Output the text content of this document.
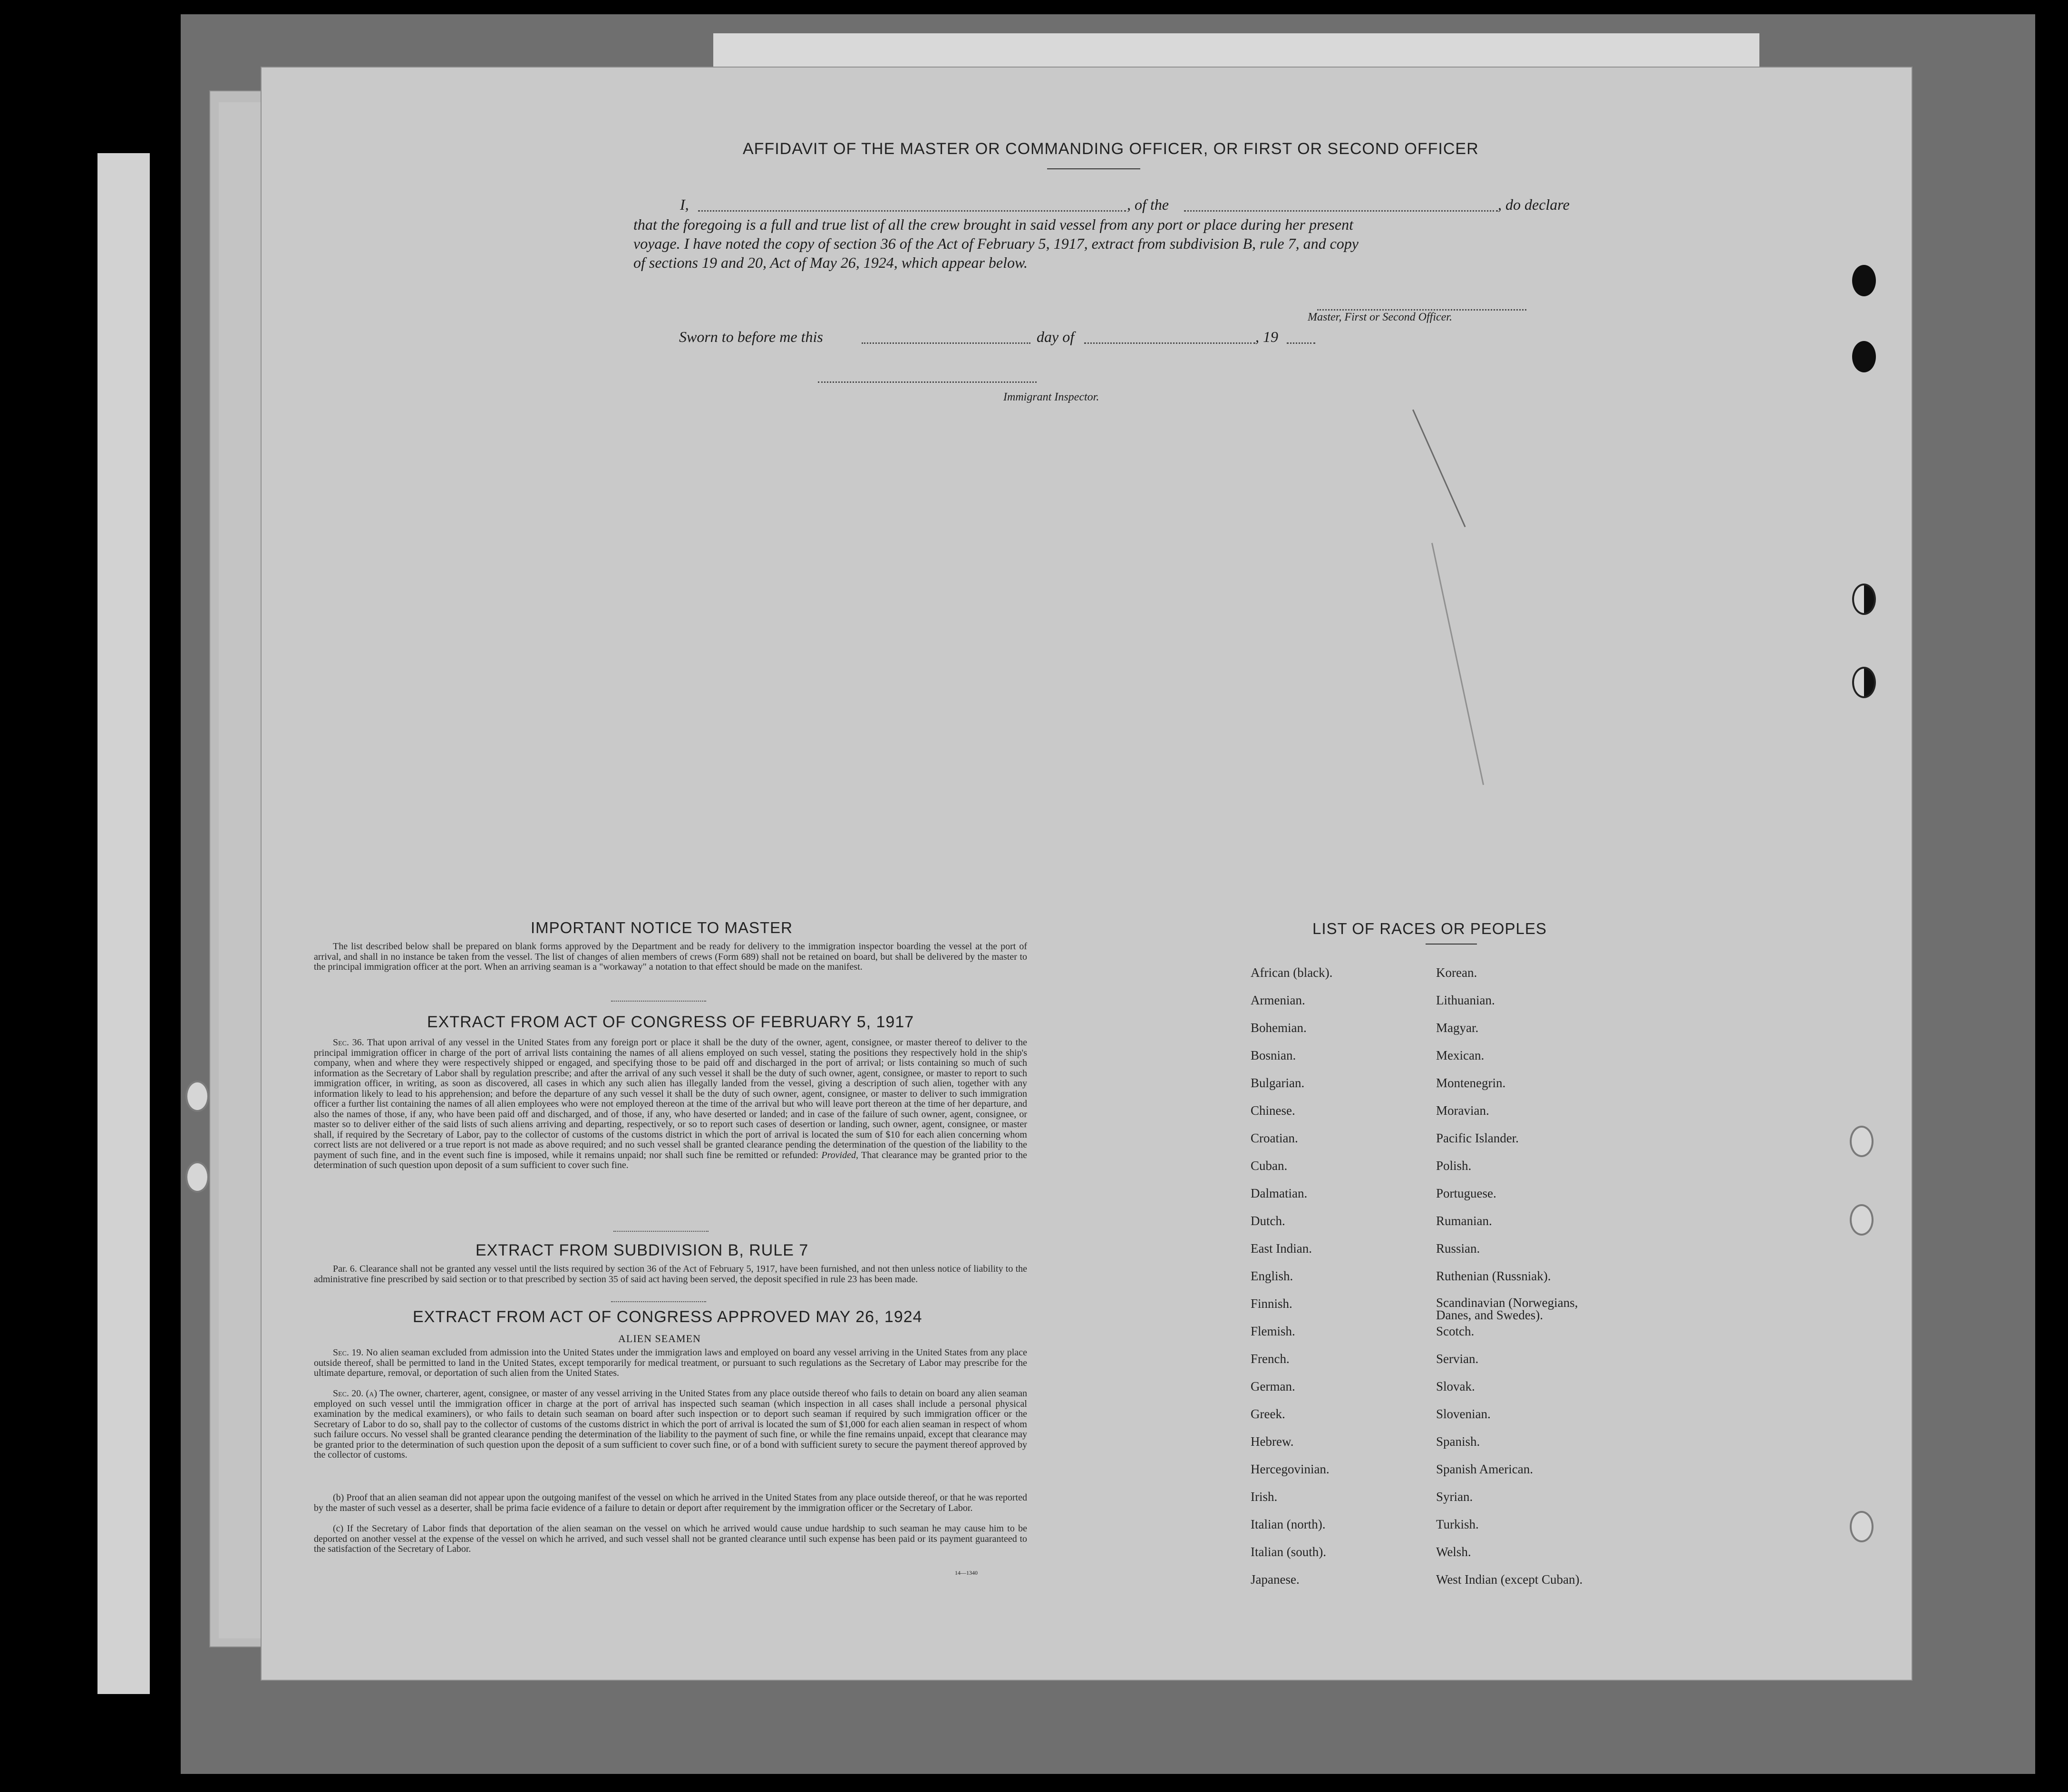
AFFIDAVIT OF THE MASTER OR COMMANDING OFFICER, OR FIRST OR SECOND OFFICER
I,	, of the	, do declare
that the foregoing is a full and true list of all the crew brought in said vessel from any port or place during her present
voyage. I have noted the copy of section 36 of the Act of February 5, 1917, extract from subdivision B, rule 7, and copy
of sections 19 and 20, Act of May 26, 1924, which appear below.
Master, First or Second Officer.
Sworn to before me this	day of	, 19
Immigrant Inspector.
IMPORTANT NOTICE TO MASTER
The list described below shall be prepared on blank forms approved by the Department and be ready for delivery to the immigration inspector boarding the vessel at the port of arrival, and shall in no instance be taken from the vessel. The list of changes of alien members of crews (Form 689) shall not be retained on board, but shall be delivered by the master to the principal immigration officer at the port. When an arriving seaman is a "workaway" a notation to that effect should be made on the manifest.
EXTRACT FROM ACT OF CONGRESS OF FEBRUARY 5, 1917
Sec. 36. That upon arrival of any vessel in the United States from any foreign port or place it shall be the duty of the owner, agent, consignee, or master thereof to deliver to the principal immigration officer in charge of the port of arrival lists containing the names of all aliens employed on such vessel, stating the positions they respectively hold in the ship's company, when and where they were respectively shipped or engaged, and specifying those to be paid off and discharged in the port of arrival; or lists containing so much of such information as the Secretary of Labor shall by regulation prescribe; and after the arrival of any such vessel it shall be the duty of such owner, agent, consignee, or master to report to such immigration officer, in writing, as soon as discovered, all cases in which any such alien has illegally landed from the vessel, giving a description of such alien, together with any information likely to lead to his apprehension; and before the departure of any such vessel it shall be the duty of such owner, agent, consignee, or master to deliver to such immigration officer a further list containing the names of all alien employees who were not employed thereon at the time of the arrival but who will leave port thereon at the time of her departure, and also the names of those, if any, who have been paid off and discharged, and of those, if any, who have deserted or landed; and in case of the failure of such owner, agent, consignee, or master so to deliver either of the said lists of such aliens arriving and departing, respectively, or so to report such cases of desertion or landing, such owner, agent, consignee, or master shall, if required by the Secretary of Labor, pay to the collector of customs of the customs district in which the port of arrival is located the sum of $10 for each alien concerning whom correct lists are not delivered or a true report is not made as above required; and no such vessel shall be granted clearance pending the determination of the question of the liability to the payment of such fine, and in the event such fine is imposed, while it remains unpaid; nor shall such fine be remitted or refunded: Provided, That clearance may be granted prior to the determination of such question upon deposit of a sum sufficient to cover such fine.
EXTRACT FROM SUBDIVISION B, RULE 7
Par. 6. Clearance shall not be granted any vessel until the lists required by section 36 of the Act of February 5, 1917, have been furnished, and not then unless notice of liability to the administrative fine prescribed by said section or to that prescribed by section 35 of said act having been served, the deposit specified in rule 23 has been made.
EXTRACT FROM ACT OF CONGRESS APPROVED MAY 26, 1924
ALIEN SEAMEN
Sec. 19. No alien seaman excluded from admission into the United States under the immigration laws and employed on board any vessel arriving in the United States from any place outside thereof, shall be permitted to land in the United States, except temporarily for medical treatment, or pursuant to such regulations as the Secretary of Labor may prescribe for the ultimate departure, removal, or deportation of such alien from the United States.
Sec. 20. (a) The owner, charterer, agent, consignee, or master of any vessel arriving in the United States from any place outside thereof who fails to detain on board any alien seaman employed on such vessel until the immigration officer in charge at the port of arrival has inspected such seaman (which inspection in all cases shall include a personal physical examination by the medical examiners), or who fails to detain such seaman on board after such inspection or to deport such seaman if required by such immigration officer or the Secretary of Labor to do so, shall pay to the collector of customs of the customs district in which the port of arrival is located the sum of $1,000 for each alien seaman in respect of whom such failure occurs. No vessel shall be granted clearance pending the determination of the liability to the payment of such fine, or while the fine remains unpaid, except that clearance may be granted prior to the determination of such question upon the deposit of a sum sufficient to cover such fine, or of a bond with sufficient surety to secure the payment thereof approved by the collector of customs.
(b) Proof that an alien seaman did not appear upon the outgoing manifest of the vessel on which he arrived in the United States from any place outside thereof, or that he was reported by the master of such vessel as a deserter, shall be prima facie evidence of a failure to detain or deport after requirement by the immigration officer or the Secretary of Labor.
(c) If the Secretary of Labor finds that deportation of the alien seaman on the vessel on which he arrived would cause undue hardship to such seaman he may cause him to be deported on another vessel at the expense of the vessel on which he arrived, and such vessel shall not be granted clearance until such expense has been paid or its payment guaranteed to the satisfaction of the Secretary of Labor.
14—1340
LIST OF RACES OR PEOPLES
African (black).	Korean.
Armenian.	Lithuanian.
Bohemian.	Magyar.
Bosnian.	Mexican.
Bulgarian.	Montenegrin.
Chinese.	Moravian.
Croatian.	Pacific Islander.
Cuban.	Polish.
Dalmatian.	Portuguese.
Dutch.	Rumanian.
East Indian.	Russian.
English.	Ruthenian (Russniak).
Finnish.	Scandinavian (Norwegians, Danes, and Swedes).
Flemish.	Scotch.
French.	Servian.
German.	Slovak.
Greek.	Slovenian.
Hebrew.	Spanish.
Hercegovinian.	Spanish American.
Irish.	Syrian.
Italian (north).	Turkish.
Italian (south).	Welsh.
Japanese.	West Indian (except Cuban).
